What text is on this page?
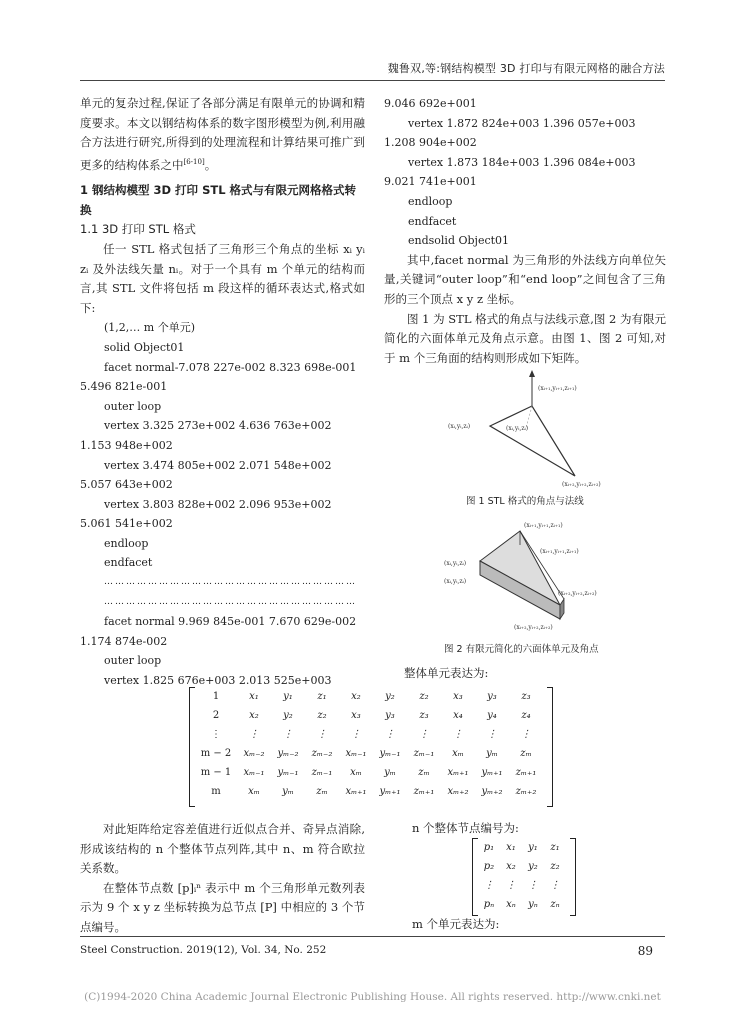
魏鲁双,等:钢结构模型 3D 打印与有限元网格的融合方法

单元的复杂过程,保证了各部分满足有限单元的协调和精度要求。本文以钢结构体系的数字图形模型为例,利用融合方法进行研究,所得到的处理流程和计算结果可推广到更多的结构体系之中[6-10]。

1 钢结构模型 3D 打印 STL 格式与有限元网格格式转换

1.1 3D 打印 STL 格式

任一 STL 格式包括了三角形三个角点的坐标 xᵢ yᵢ zᵢ 及外法线矢量 nᵢ。对于一个具有 m 个单元的结构而言,其 STL 文件将包括 m 段这样的循环表达式,格式如下:

(1,2,… m 个单元)

solid Object01

facet normal-7.078 227e-002 8.323 698e-001

5.496 821e-001

outer loop

vertex 3.325 273e+002 4.636 763e+002

1.153 948e+002

vertex 3.474 805e+002 2.071 548e+002

5.057 643e+002

vertex 3.803 828e+002 2.096 953e+002

5.061 541e+002

endloop

endfacet

……………………………………………………………

……………………………………………………………

facet normal 9.969 845e-001 7.670 629e-002

1.174 874e-002

outer loop

vertex 1.825 676e+003 2.013 525e+003

9.046 692e+001

vertex 1.872 824e+003 1.396 057e+003

1.208 904e+002

vertex 1.873 184e+003 1.396 084e+003

9.021 741e+001

endloop

endfacet

endsolid Object01

其中,facet normal 为三角形的外法线方向单位矢量,关键词“outer loop”和“end loop”之间包含了三角形的三个顶点 x y z 坐标。

图 1 为 STL 格式的角点与法线示意,图 2 为有限元简化的六面体单元及角点示意。由图 1、图 2 可知,对于 m 个三角面的结构则形成如下矩阵。

(xᵢ₊₁,yᵢ₊₁,zᵢ₊₁)
(xᵢ,yᵢ,zᵢ)	(xᵢ,yᵢ,zᵢ)
(xᵢ₊₂,yᵢ₊₂,zᵢ₊₂)
图 1 STL 格式的角点与法线
(xᵢ₊₁,yᵢ₊₁,zᵢ₊₁)
(xᵢ₊₁,yᵢ₊₁,zᵢ₊₁)
(xᵢ,yᵢ,zᵢ)
(xᵢ,yᵢ,zᵢ)
(xᵢ₊₂,yᵢ₊₂,zᵢ₊₂)
(xᵢ₊₂,yᵢ₊₂,zᵢ₊₂)
图 2 有限元简化的六面体单元及角点
整体单元表达为:
1	x₁	y₁	z₁	x₂	y₂	z₂	x₃	y₃	z₃
2	x₂	y₂	z₂	x₃	y₃	z₃	x₄	y₄	z₄
⋮	⋮	⋮	⋮	⋮	⋮	⋮	⋮	⋮	⋮
m − 2	xₘ₋₂	yₘ₋₂	zₘ₋₂	xₘ₋₁	yₘ₋₁	zₘ₋₁	xₘ	yₘ	zₘ
m − 1	xₘ₋₁	yₘ₋₁	zₘ₋₁	xₘ	yₘ	zₘ	xₘ₊₁	yₘ₊₁	zₘ₊₁
m	xₘ	yₘ	zₘ	xₘ₊₁	yₘ₊₁	zₘ₊₁	xₘ₊₂	yₘ₊₂	zₘ₊₂

对此矩阵给定容差值进行近似点合并、奇异点消除,形成该结构的 n 个整体节点列阵,其中 n、m 符合欧拉关系数。

在整体节点数 [p]ᵢⁿ 表示中 m 个三角形单元数列表示为 9 个 x y z 坐标转换为总节点 [P] 中相应的 3 个节点编号。

n 个整体节点编号为:
p₁	x₁	y₁	z₁
p₂	x₂	y₂	z₂
⋮	⋮	⋮	⋮
pₙ	xₙ	yₙ	zₙ
m 个单元表达为:
Steel Construction. 2019(12), Vol. 34, No. 252	89
(C)1994-2020 China Academic Journal Electronic Publishing House. All rights reserved. http://www.cnki.net
